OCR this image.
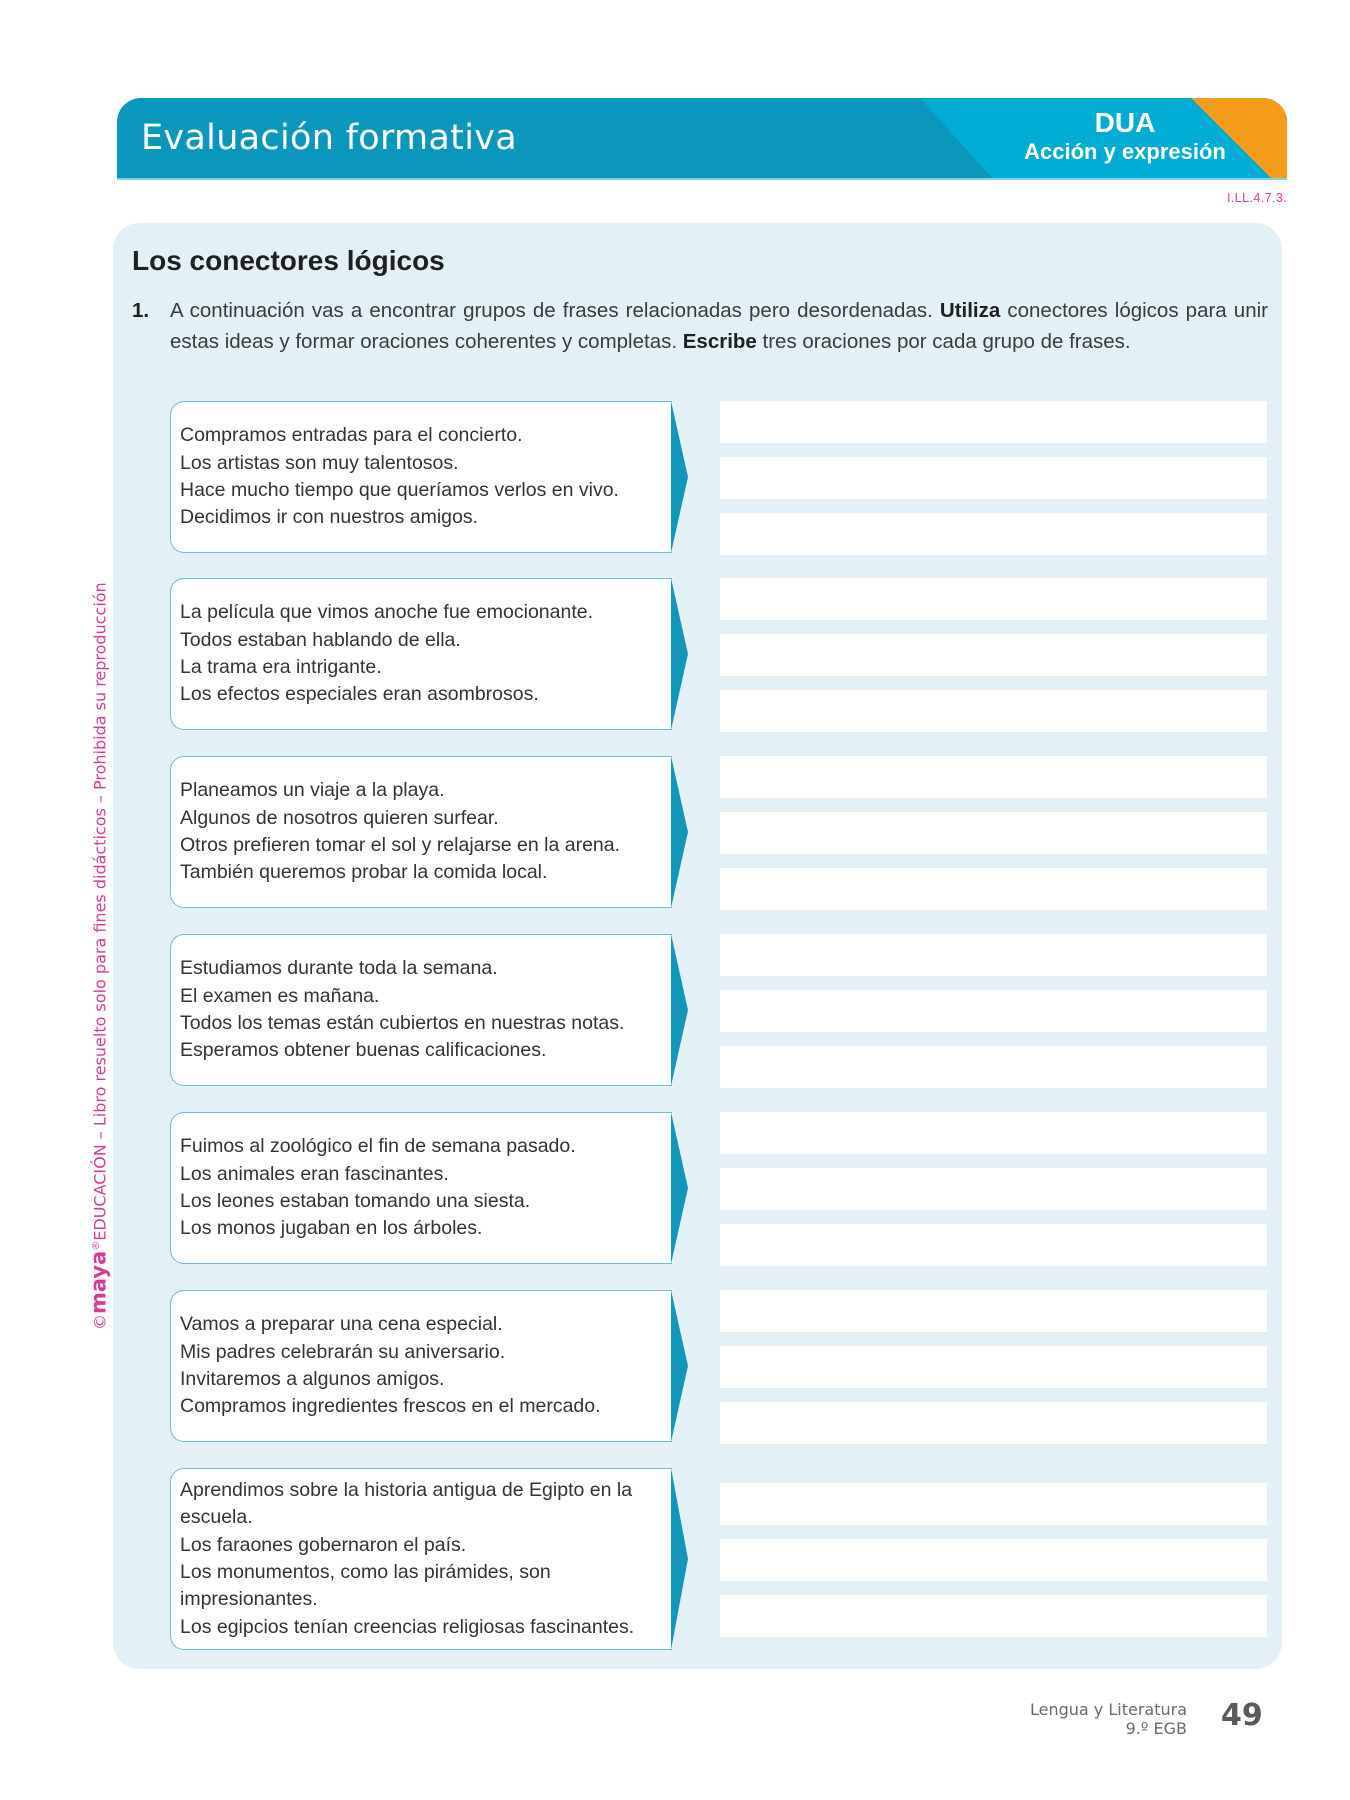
Evaluación formativa	DUA
Acción y expresión
I.LL.4.7.3.
©maya®EDUCACIÓN – Libro resuelto solo para fines didácticos – Prohibida su reproducción
Los conectores lógicos
1. A continuación vas a encontrar grupos de frases relacionadas pero desordenadas. Utiliza conectores lógicos para unir estas ideas y formar oraciones coherentes y completas. Escribe tres oraciones por cada grupo de frases.
Compramos entradas para el concierto.
Los artistas son muy talentosos.
Hace mucho tiempo que queríamos verlos en vivo.
Decidimos ir con nuestros amigos.
La película que vimos anoche fue emocionante.
Todos estaban hablando de ella.
La trama era intrigante.
Los efectos especiales eran asombrosos.
Planeamos un viaje a la playa.
Algunos de nosotros quieren surfear.
Otros prefieren tomar el sol y relajarse en la arena.
También queremos probar la comida local.
Estudiamos durante toda la semana.
El examen es mañana.
Todos los temas están cubiertos en nuestras notas.
Esperamos obtener buenas calificaciones.
Fuimos al zoológico el fin de semana pasado.
Los animales eran fascinantes.
Los leones estaban tomando una siesta.
Los monos jugaban en los árboles.
Vamos a preparar una cena especial.
Mis padres celebrarán su aniversario.
Invitaremos a algunos amigos.
Compramos ingredientes frescos en el mercado.
Aprendimos sobre la historia antigua de Egipto en la escuela.
Los faraones gobernaron el país.
Los monumentos, como las pirámides, son impresionantes.
Los egipcios tenían creencias religiosas fascinantes.
Lengua y Literatura
9.º EGB 49
